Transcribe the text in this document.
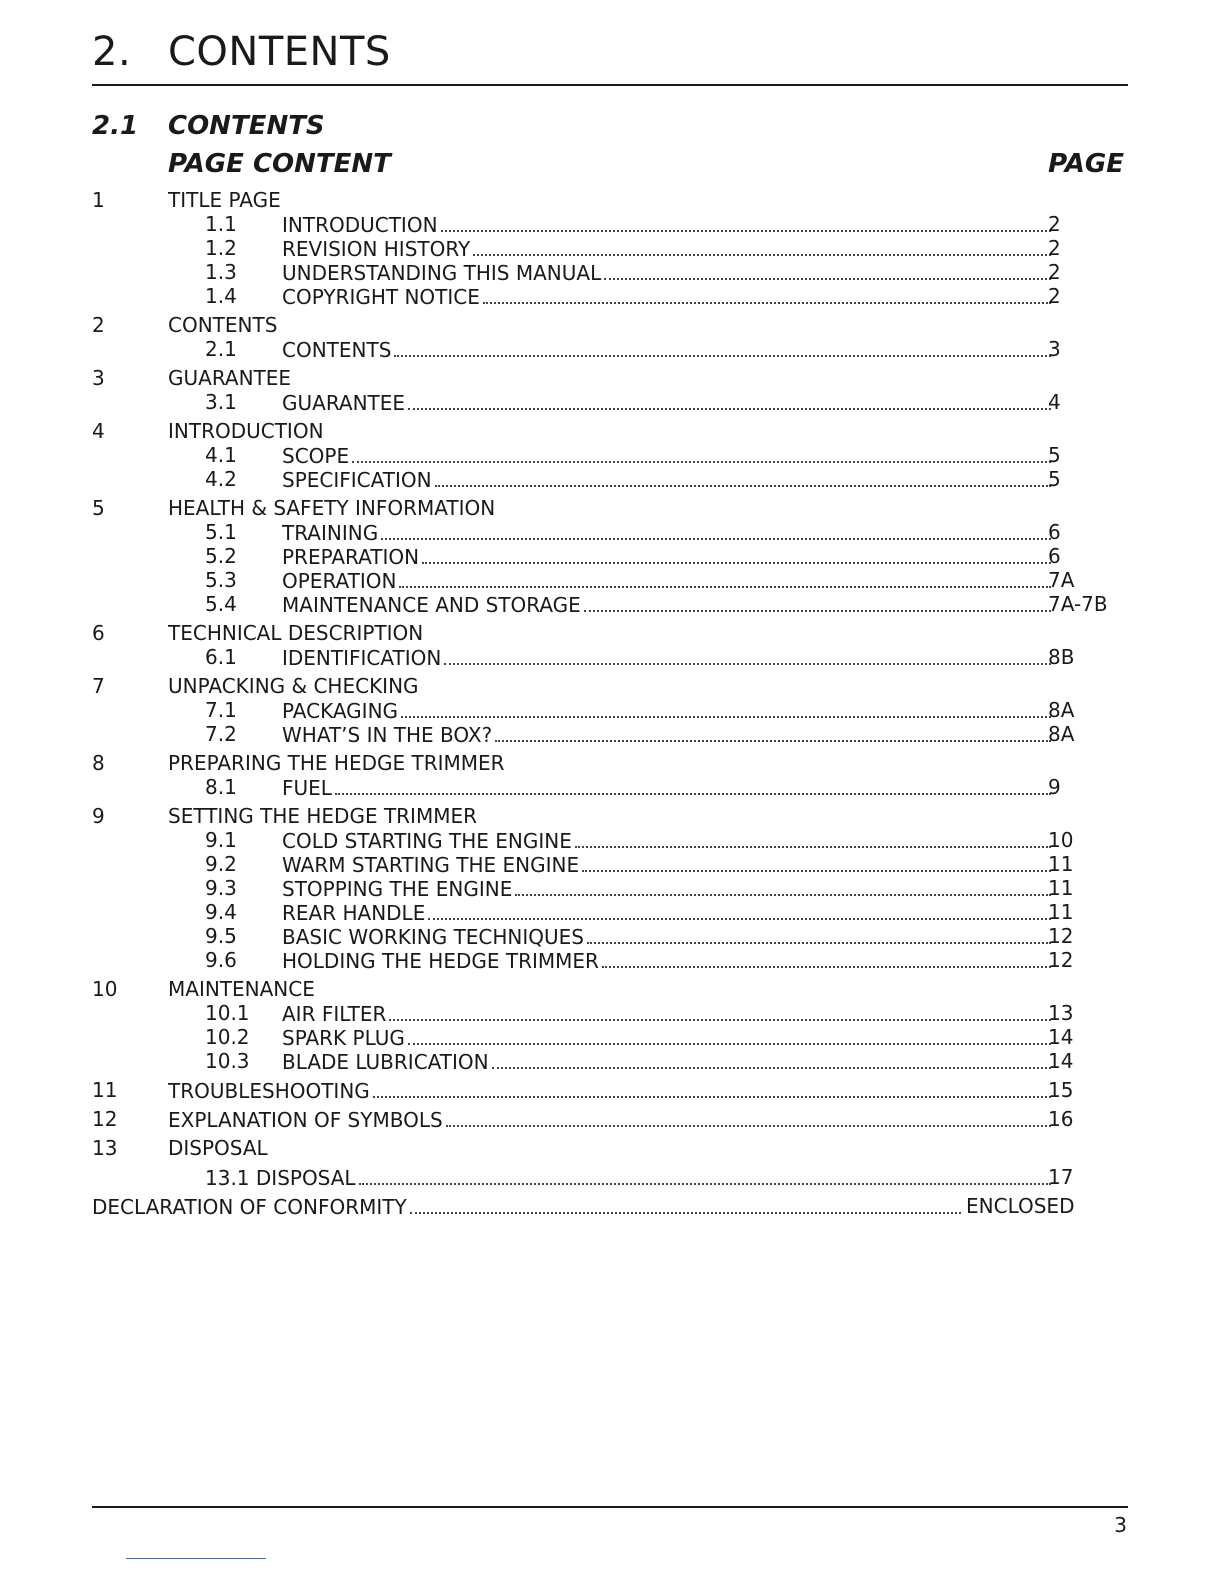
2. CONTENTS
2.1 CONTENTS
PAGE CONTENT	PAGE
1	TITLE PAGE
1.1 INTRODUCTION	2
1.2 REVISION HISTORY	2
1.3 UNDERSTANDING THIS MANUAL	2
1.4 COPYRIGHT NOTICE	2
2	CONTENTS
2.1 CONTENTS	3
3	GUARANTEE
3.1 GUARANTEE	4
4	INTRODUCTION
4.1 SCOPE	5
4.2 SPECIFICATION	5
5	HEALTH & SAFETY INFORMATION
5.1 TRAINING	6
5.2 PREPARATION	6
5.3 OPERATION	7A
5.4 MAINTENANCE AND STORAGE	7A-7B
6	TECHNICAL DESCRIPTION
6.1 IDENTIFICATION	8B
7	UNPACKING & CHECKING
7.1 PACKAGING	8A
7.2 WHAT’S IN THE BOX?	8A
8	PREPARING THE HEDGE TRIMMER
8.1 FUEL	9
9	SETTING THE HEDGE TRIMMER
9.1 COLD STARTING THE ENGINE	10
9.2 WARM STARTING THE ENGINE	11
9.3 STOPPING THE ENGINE	11
9.4 REAR HANDLE	11
9.5 BASIC WORKING TECHNIQUES	12
9.6 HOLDING THE HEDGE TRIMMER	12
10	MAINTENANCE
10.1 AIR FILTER	13
10.2 SPARK PLUG	14
10.3 BLADE LUBRICATION	14
11	TROUBLESHOOTING	15
12	EXPLANATION OF SYMBOLS	16
13	DISPOSAL
13.1 DISPOSAL	17
DECLARATION OF CONFORMITY	ENCLOSED
3
